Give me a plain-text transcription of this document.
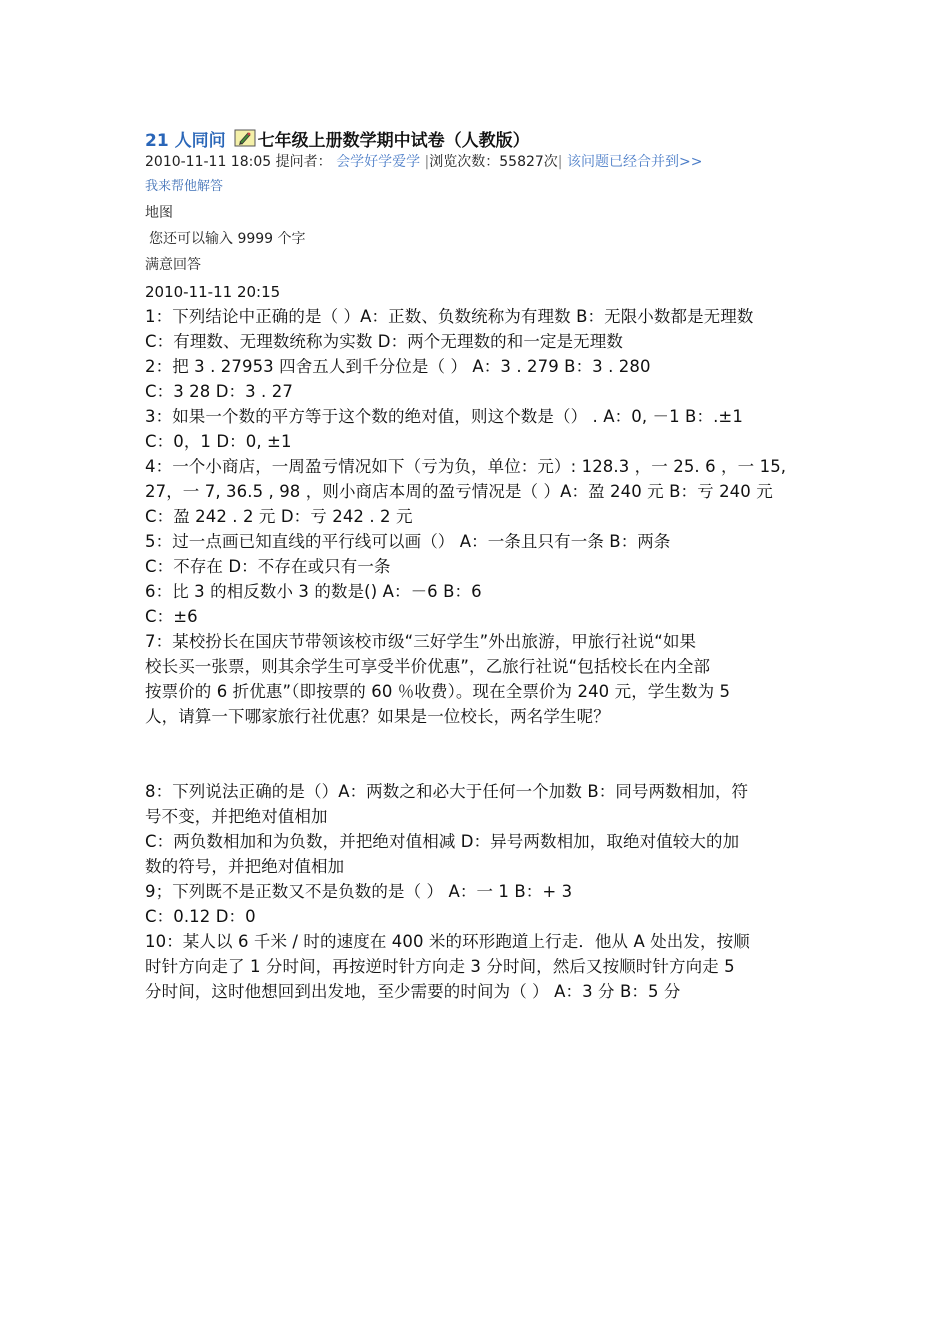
21 人同问 七年级上册数学期中试卷（人教版）
2010-11-11 18:05 提问者： 会学好学爱学 |浏览次数：55827次| 该问题已经合并到>>
我来帮他解答
地图
您还可以输入 9999 个字
满意回答
2010-11-11 20:15
1：下列结论中正确的是（ ）A：正数、负数统称为有理数 B：无限小数都是无理数
C：有理数、无理数统称为实数 D：两个无理数的和一定是无理数
2：把 3 . 27953 四舍五人到千分位是（ ） A：3 . 279 B：3 . 280
C：3 28 D：3 . 27
3：如果一个数的平方等于这个数的绝对值，则这个数是（） . A：0, －1 B：.±1
C：0，1 D：0, ±1
4：一个小商店，一周盈亏情况如下（亏为负，单位：元）: 128.3 ，一 25. 6 ，一 15,
27，一 7, 36.5 , 98 ，则小商店本周的盈亏情况是（ ）A：盈 240 元 B：亏 240 元
C：盈 242 . 2 元 D：亏 242 . 2 元
5：过一点画已知直线的平行线可以画（） A：一条且只有一条 B：两条
C：不存在 D：不存在或只有一条
6：比 3 的相反数小 3 的数是() A：－6 B：6
C：±6
7：某校扮长在国庆节带领该校市级“三好学生”外出旅游，甲旅行社说“如果
校长买一张票，则其余学生可享受半价优惠”，乙旅行社说“包括校长在内全部
按票价的 6 折优惠”（即按票的 60 ％收费）。现在全票价为 240 元，学生数为 5
人，请算一下哪家旅行社优惠？如果是一位校长，两名学生呢？
8：下列说法正确的是（）A：两数之和必大于任何一个加数 B：同号两数相加，符
号不变，并把绝对值相加
C：两负数相加和为负数，并把绝对值相减 D：异号两数相加，取绝对值较大的加
数的符号，并把绝对值相加
9；下列既不是正数又不是负数的是（ ） A：一 1 B：+ 3
C：0.12 D：0
10：某人以 6 千米 / 时的速度在 400 米的环形跑道上行走．他从 A 处出发，按顺
时针方向走了 1 分时间，再按逆时针方向走 3 分时间，然后又按顺时针方向走 5
分时间，这时他想回到出发地，至少需要的时间为（ ） A：3 分 B：5 分
